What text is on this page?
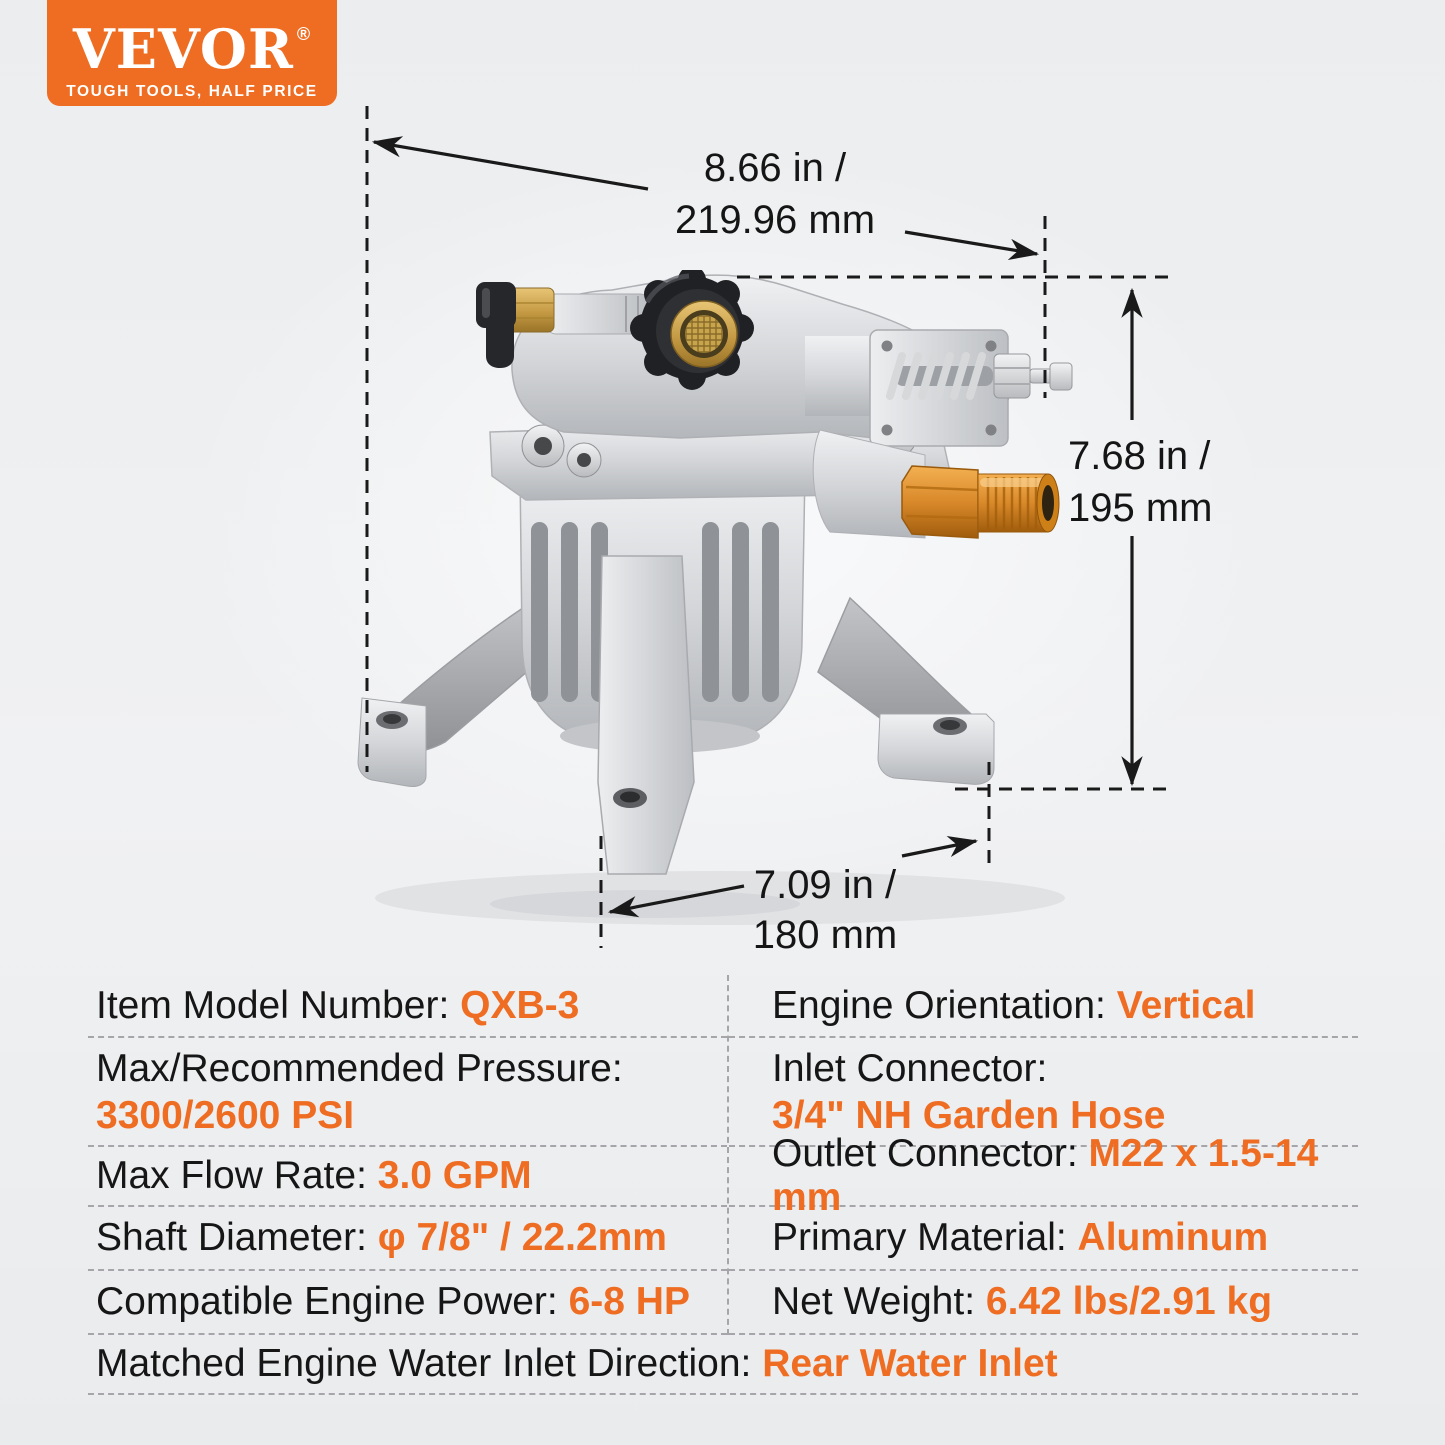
VEVOR ®
TOUGH TOOLS, HALF PRICE
8.66 in /
219.96 mm
7.68 in /
195 mm
7.09 in /
180 mm
Item Model Number: QXB-3
Max/Recommended Pressure:
3300/2600 PSI
Max Flow Rate: 3.0 GPM
Shaft Diameter: φ 7/8" / 22.2mm
Compatible Engine Power: 6-8 HP
Engine Orientation: Vertical
Inlet Connector:
3/4" NH Garden Hose
Outlet Connector: M22 x 1.5-14 mm
Primary Material: Aluminum
Net Weight: 6.42 lbs/2.91 kg
Matched Engine Water Inlet Direction: Rear Water Inlet
